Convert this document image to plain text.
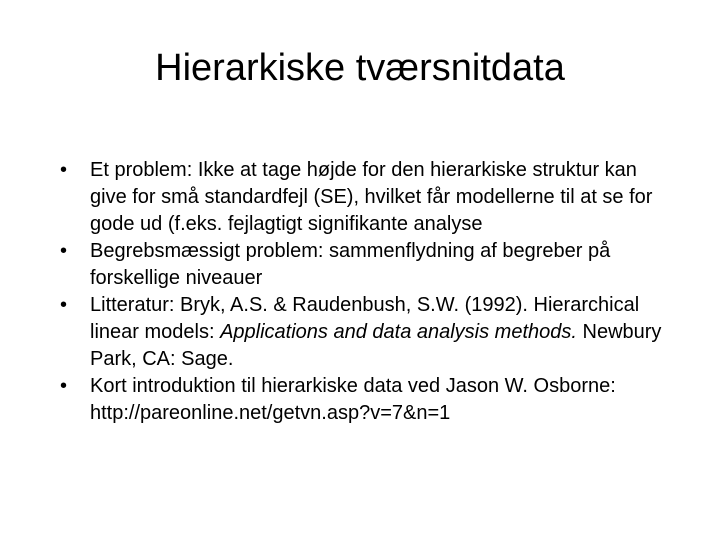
Hierarkiske tværsnitdata
• Et problem: Ikke at tage højde for den hierarkiske struktur kan give for små standardfejl (SE), hvilket får modellerne til at se for gode ud (f.eks. fejlagtigt signifikante analyse
• Begrebsmæssigt problem: sammenflydning af begreber på forskellige niveauer
• Litteratur: Bryk, A.S. & Raudenbush, S.W. (1992). Hierarchical linear models: Applications and data analysis methods. Newbury Park, CA: Sage.
• Kort introduktion til hierarkiske data ved Jason W. Osborne: http://pareonline.net/getvn.asp?v=7&n=1
